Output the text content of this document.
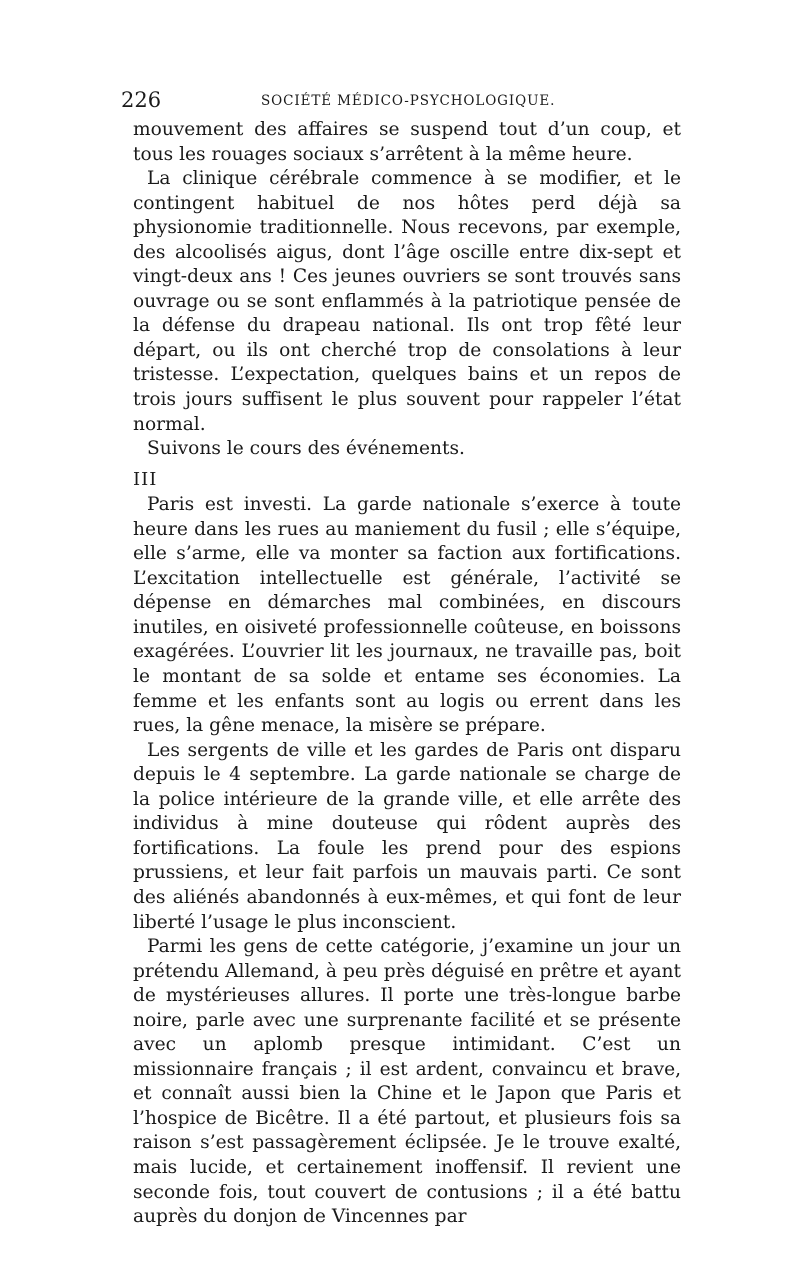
226	SOCIÉTÉ MÉDICO-PSYCHOLOGIQUE.

mouvement des affaires se suspend tout d’un coup, et tous les rouages sociaux s’arrêtent à la même heure.

La clinique cérébrale commence à se modifier, et le contingent habituel de nos hôtes perd déjà sa physionomie traditionnelle. Nous recevons, par exemple, des alcoolisés aigus, dont l’âge oscille entre dix-sept et vingt-deux ans ! Ces jeunes ouvriers se sont trouvés sans ouvrage ou se sont enflammés à la patriotique pensée de la défense du drapeau national. Ils ont trop fêté leur départ, ou ils ont cherché trop de consolations à leur tristesse. L’expectation, quelques bains et un repos de trois jours suffisent le plus souvent pour rappeler l’état normal.

Suivons le cours des événements.

III

Paris est investi. La garde nationale s’exerce à toute heure dans les rues au maniement du fusil ; elle s’équipe, elle s’arme, elle va monter sa faction aux fortifications. L’excitation intellectuelle est générale, l’activité se dépense en démarches mal combinées, en discours inutiles, en oisiveté professionnelle coûteuse, en boissons exagérées. L’ouvrier lit les journaux, ne travaille pas, boit le montant de sa solde et entame ses économies. La femme et les enfants sont au logis ou errent dans les rues, la gêne menace, la misère se prépare.

Les sergents de ville et les gardes de Paris ont disparu depuis le 4 septembre. La garde nationale se charge de la police intérieure de la grande ville, et elle arrête des individus à mine douteuse qui rôdent auprès des fortifications. La foule les prend pour des espions prussiens, et leur fait parfois un mauvais parti. Ce sont des aliénés abandonnés à eux-mêmes, et qui font de leur liberté l’usage le plus inconscient.

Parmi les gens de cette catégorie, j’examine un jour un prétendu Allemand, à peu près déguisé en prêtre et ayant de mystérieuses allures. Il porte une très-longue barbe noire, parle avec une surprenante facilité et se présente avec un aplomb presque intimidant. C’est un missionnaire français ; il est ardent, convaincu et brave, et connaît aussi bien la Chine et le Japon que Paris et l’hospice de Bicêtre. Il a été partout, et plusieurs fois sa raison s’est passagèrement éclipsée. Je le trouve exalté, mais lucide, et certainement inoffensif. Il revient une seconde fois, tout couvert de contusions ; il a été battu auprès du donjon de Vincennes par
